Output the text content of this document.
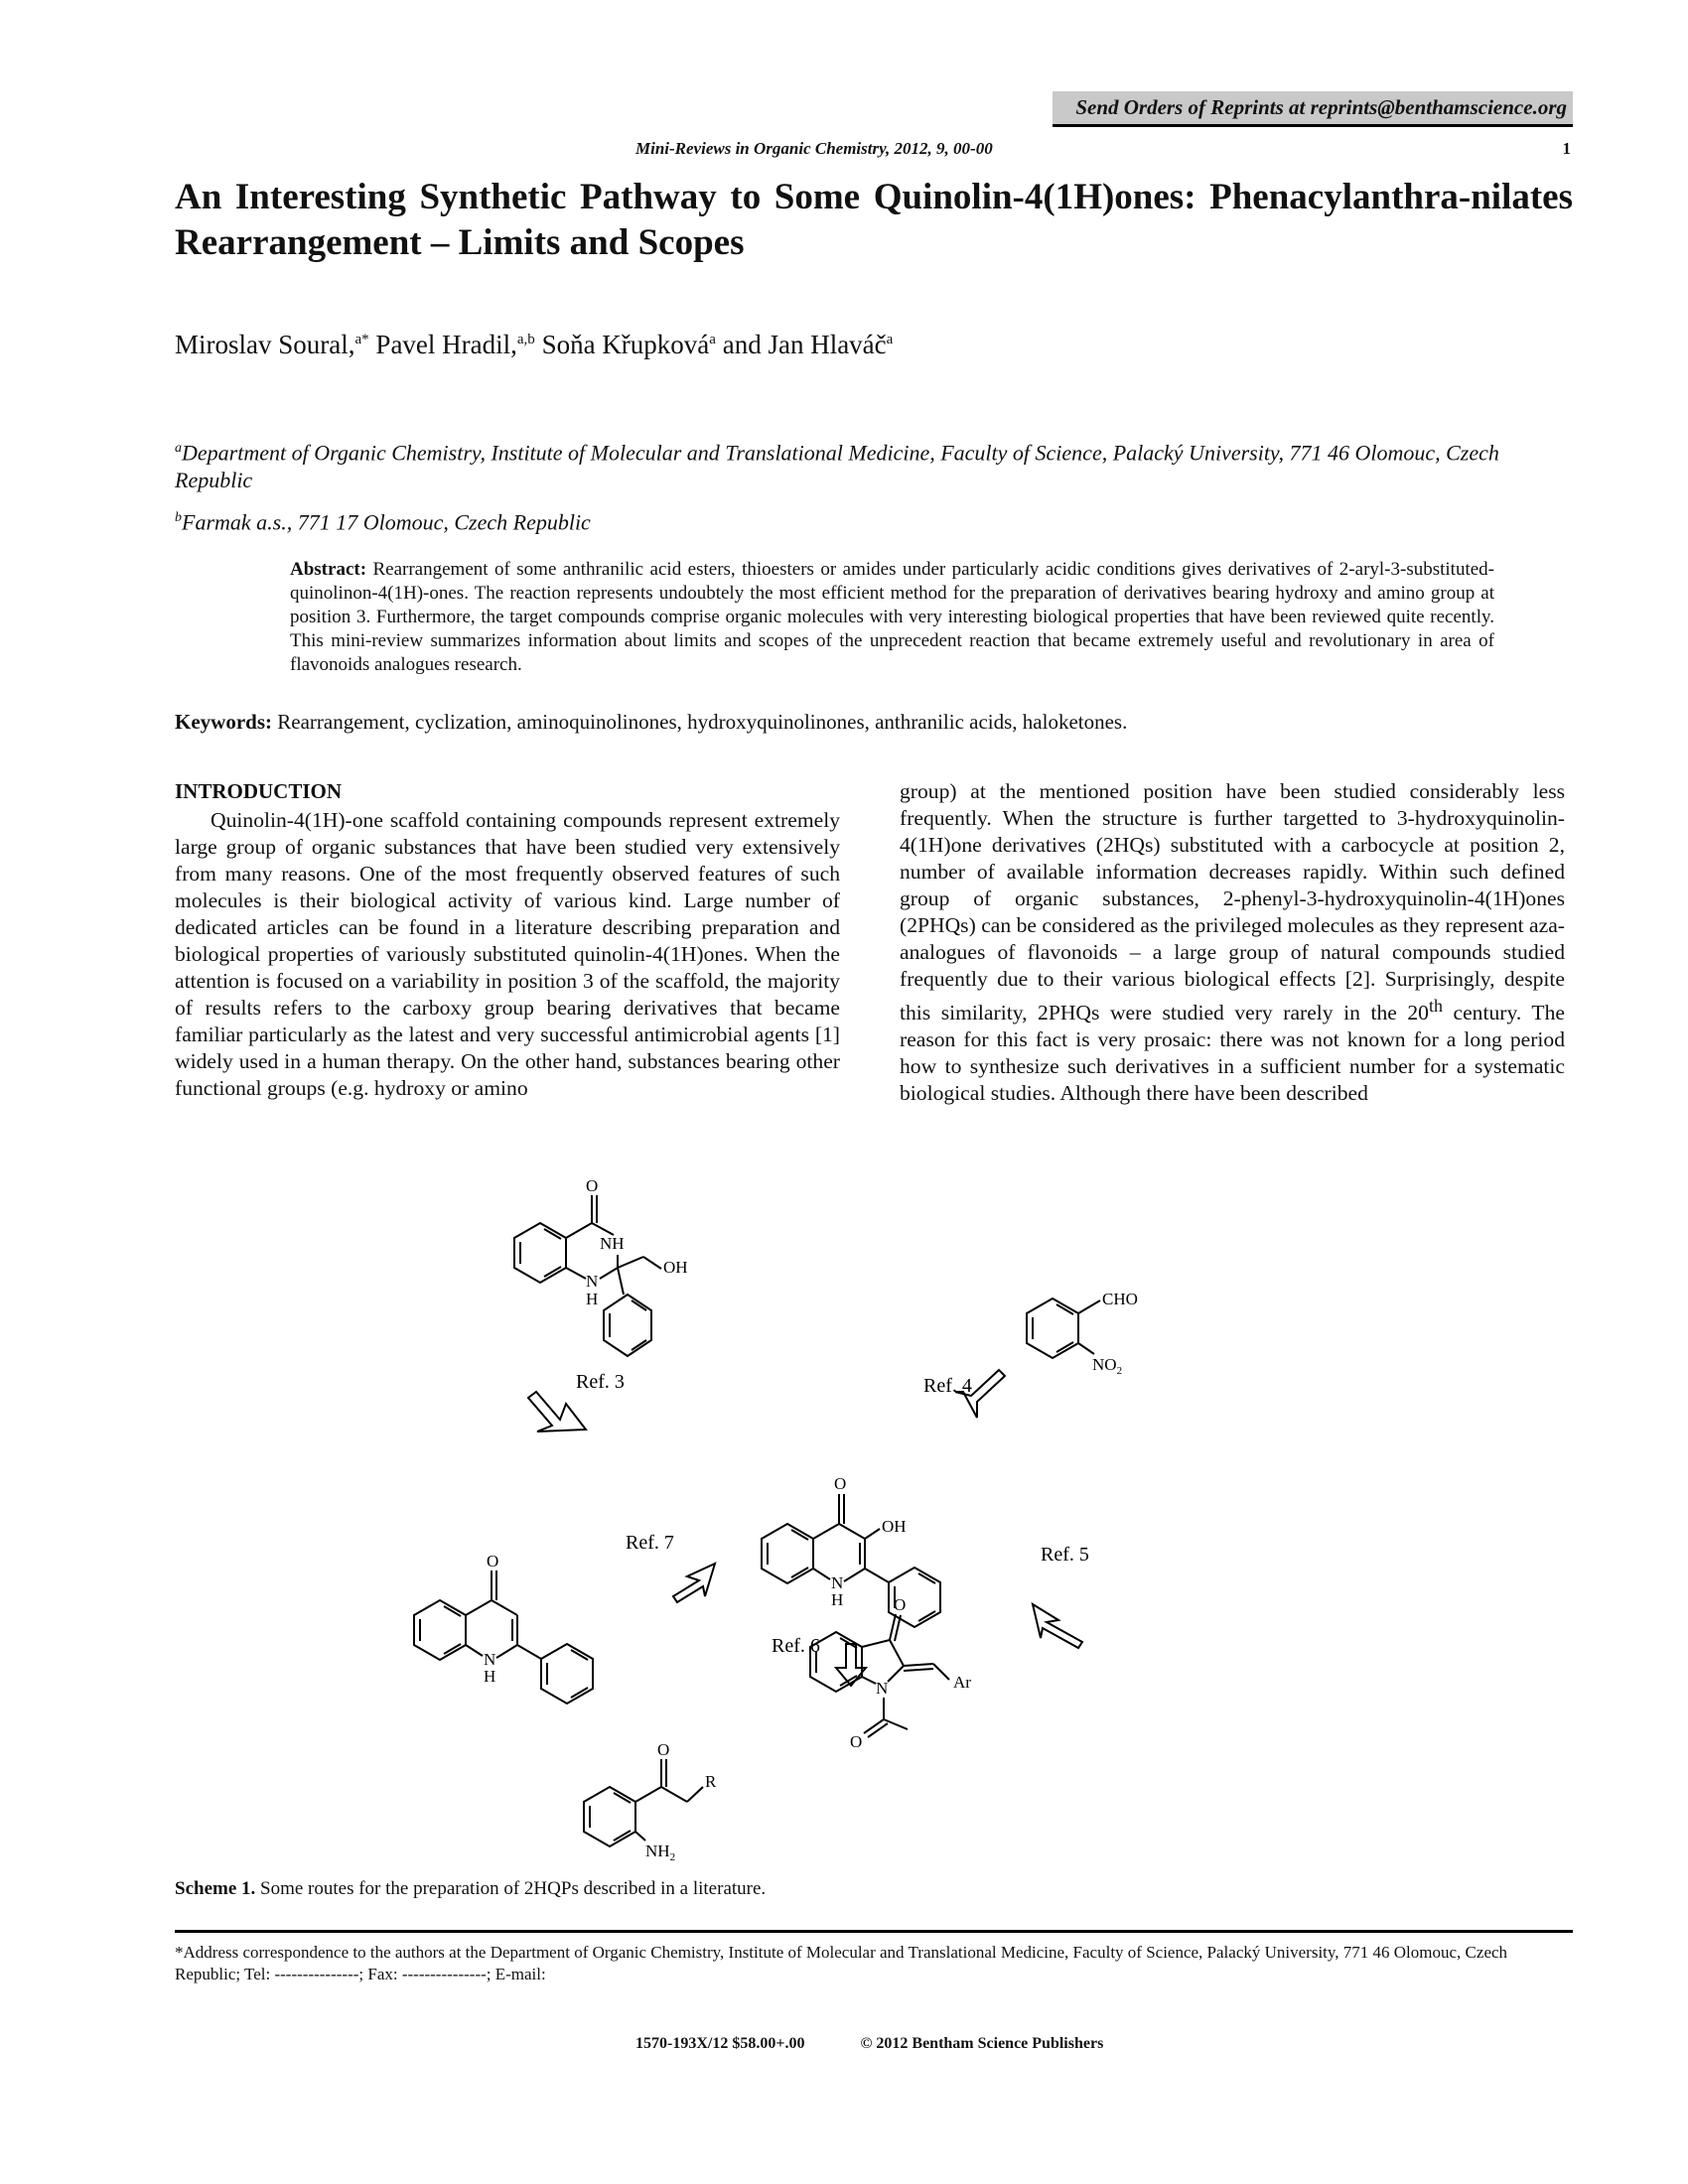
Send Orders of Reprints at reprints@benthamscience.org
Mini-Reviews in Organic Chemistry, 2012, 9, 00-00	1
An Interesting Synthetic Pathway to Some Quinolin-4(1H)ones: Phenacylanthra-nilates Rearrangement – Limits and Scopes
Miroslav Soural,$^{a*}$ Pavel Hradil,$^{a,b}$ Soňa Křupková$^a$ and Jan Hlaváč$^a$
$^a$Department of Organic Chemistry, Institute of Molecular and Translational Medicine, Faculty of Science, Palacký University, 771 46 Olomouc, Czech Republic
$^b$Farmak a.s., 771 17 Olomouc, Czech Republic
Abstract: Rearrangement of some anthranilic acid esters, thioesters or amides under particularly acidic conditions gives derivatives of 2-aryl-3-substituted-quinolinon-4(1H)-ones. The reaction represents undoubtely the most efficient method for the preparation of derivatives bearing hydroxy and amino group at position 3. Furthermore, the target compounds comprise organic molecules with very interesting biological properties that have been reviewed quite recently. This mini-review summarizes information about limits and scopes of the unprecedent reaction that became extremely useful and revolutionary in area of flavonoids analogues research.
Keywords: Rearrangement, cyclization, aminoquinolinones, hydroxyquinolinones, anthranilic acids, haloketones.
INTRODUCTION

Quinolin-4(1H)-one scaffold containing compounds represent extremely large group of organic substances that have been studied very extensively from many reasons. One of the most frequently observed features of such molecules is their biological activity of various kind. Large number of dedicated articles can be found in a literature describing preparation and biological properties of variously substituted quinolin-4(1H)ones. When the attention is focused on a variability in position 3 of the scaffold, the majority of results refers to the carboxy group bearing derivatives that became familiar particularly as the latest and very successful antimicrobial agents [1] widely used in a human therapy. On the other hand, substances bearing other functional groups (e.g. hydroxy or amino

group) at the mentioned position have been studied considerably less frequently. When the structure is further targetted to 3-hydroxyquinolin-4(1H)one derivatives (2HQs) substituted with a carbocycle at position 2, number of available information decreases rapidly. Within such defined group of organic substances, 2-phenyl-3-hydroxyquinolin-4(1H)ones (2PHQs) can be considered as the privileged molecules as they represent aza-analogues of flavonoids – a large group of natural compounds studied frequently due to their various biological effects [2]. Surprisingly, despite this similarity, 2PHQs were studied very rarely in the 20th century. The reason for this fact is very prosaic: there was not known for a long period how to synthesize such derivatives in a sufficient number for a systematic biological studies. Although there have been described

O
NH
OH
N
H	CHO
$NO_2$
O
OH
N
H
O
N
H
O
N	Ar
O
O
R
$NH_2$
Ref. 3	Ref. 4
Ref. 5
Ref. 6
Ref. 7
Scheme 1. Some routes for the preparation of 2HQPs described in a literature.
*Address correspondence to the authors at the Department of Organic Chemistry, Institute of Molecular and Translational Medicine, Faculty of Science, Palacký University, 771 46 Olomouc, Czech Republic; Tel: ---------------; Fax: ---------------; E-mail:
1570-193X/12 $58.00+.00	© 2012 Bentham Science Publishers
